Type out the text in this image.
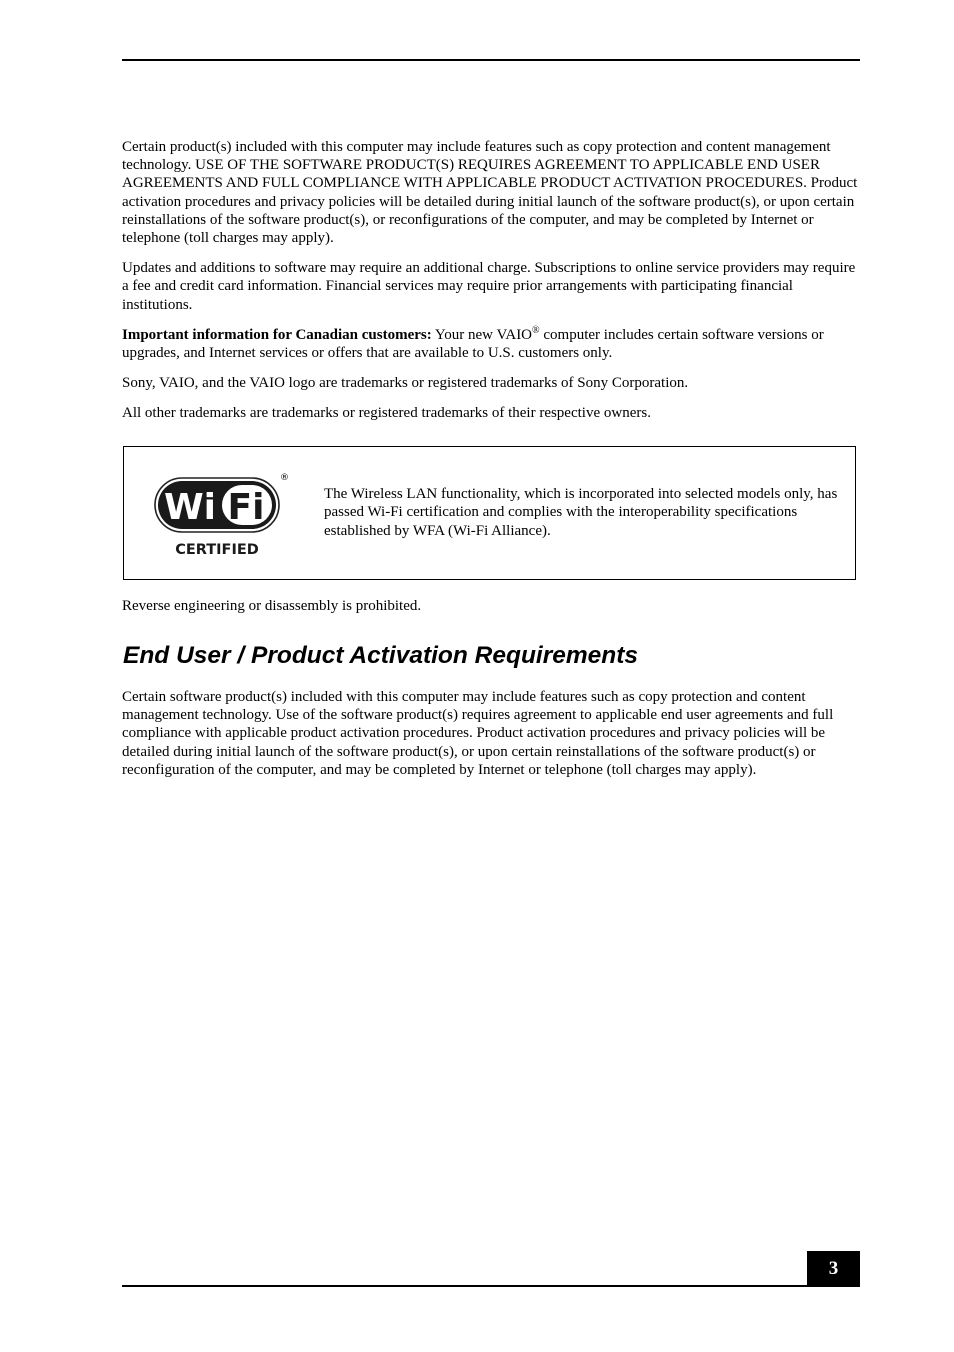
Certain product(s) included with this computer may include features such as copy protection and content management technology. USE OF THE SOFTWARE PRODUCT(S) REQUIRES AGREEMENT TO APPLICABLE END USER AGREEMENTS AND FULL COMPLIANCE WITH APPLICABLE PRODUCT ACTIVATION PROCEDURES. Product activation procedures and privacy policies will be detailed during initial launch of the software product(s), or upon certain reinstallations of the software product(s), or reconfigurations of the computer, and may be completed by Internet or telephone (toll charges may apply).

Updates and additions to software may require an additional charge. Subscriptions to online service providers may require a fee and credit card information. Financial services may require prior arrangements with participating financial institutions.

Important information for Canadian customers: Your new VAIO® computer includes certain software versions or upgrades, and Internet services or offers that are available to U.S. customers only.

Sony, VAIO, and the VAIO logo are trademarks or registered trademarks of Sony Corporation.

All other trademarks are trademarks or registered trademarks of their respective owners.

Wi Fi
®
CERTIFIED
The Wireless LAN functionality, which is incorporated into selected models only, has passed Wi-Fi certification and complies with the interoperability specifications established by WFA (Wi-Fi Alliance).
Reverse engineering or disassembly is prohibited.
End User / Product Activation Requirements
Certain software product(s) included with this computer may include features such as copy protection and content management technology. Use of the software product(s) requires agreement to applicable end user agreements and full compliance with applicable product activation procedures. Product activation procedures and privacy policies will be detailed during initial launch of the software product(s), or upon certain reinstallations of the software product(s) or reconfiguration of the computer, and may be completed by Internet or telephone (toll charges may apply).
3
